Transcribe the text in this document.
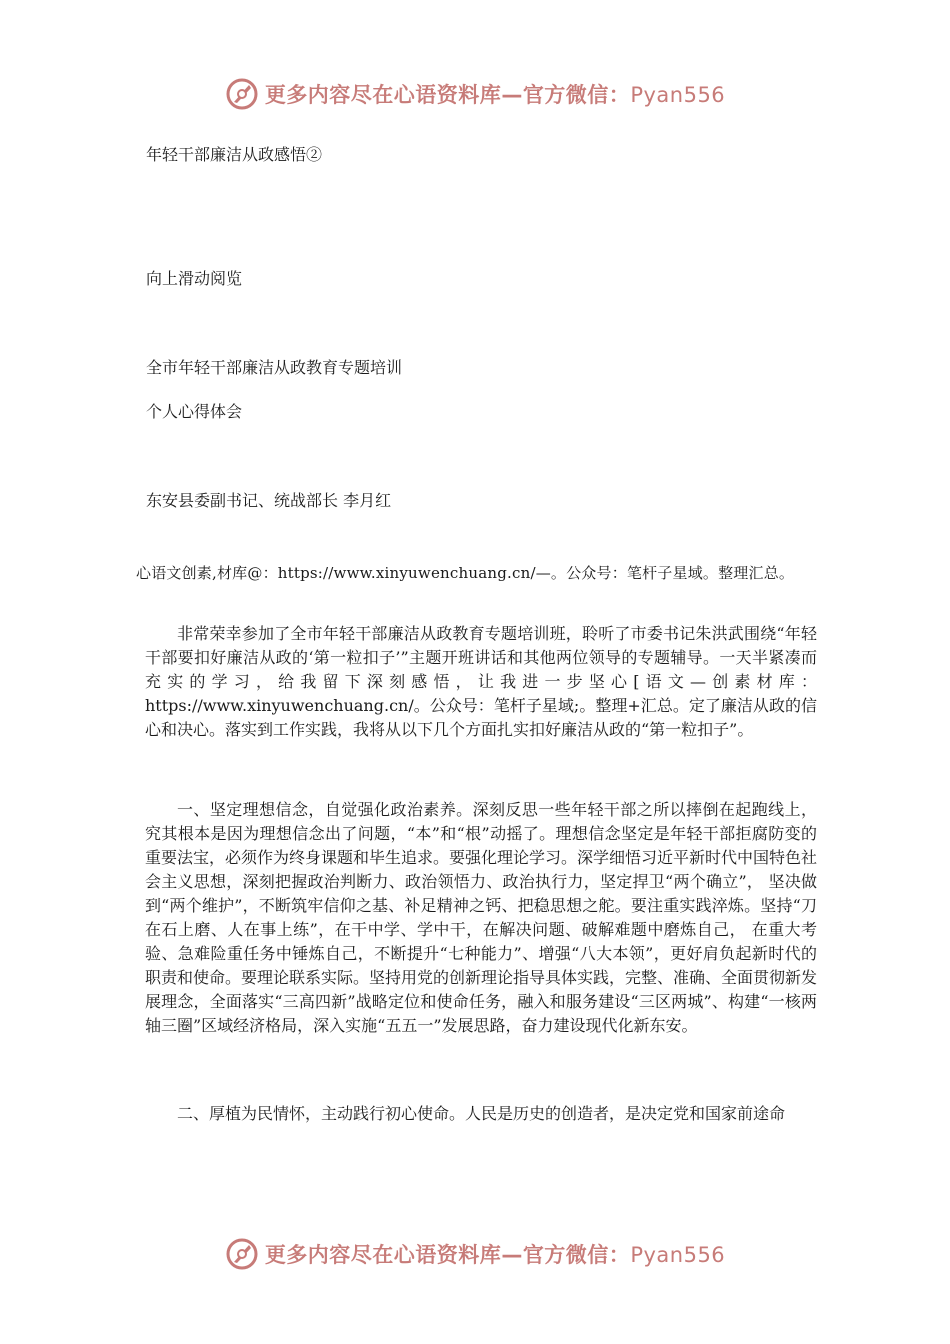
更多内容尽在心语资料库—官方微信：Pyan556
年轻干部廉洁从政感悟②
向上滑动阅览
全市年轻干部廉洁从政教育专题培训
个人心得体会
东安县委副书记、统战部长 李月红
心语文创素,材库@：https://www.xinyuwenchuang.cn/—。公众号：笔杆子星域。整理汇总。

非常荣幸参加了全市年轻干部廉洁从政教育专题培训班，聆听了市委书记朱洪武围绕“年轻干部要扣好廉洁从政的‘第一粒扣子’”主题开班讲话和其他两位领导的专题辅导。一天半紧凑而充实的学习，给我留下深刻感悟，让我进一步坚心[语文—创素材库：https://www.xinyuwenchuang.cn/。公众号：笔杆子星域;。整理+汇总。定了廉洁从政的信心和决心。落实到工作实践，我将从以下几个方面扎实扣好廉洁从政的“第一粒扣子”。

一、坚定理想信念，自觉强化政治素养。深刻反思一些年轻干部之所以摔倒在起跑线上， 究其根本是因为理想信念出了问题，“本”和“根”动摇了。理想信念坚定是年轻干部拒腐防变的重要法宝，必须作为终身课题和毕生追求。要强化理论学习。深学细悟习近平新时代中国特色社会主义思想，深刻把握政治判断力、政治领悟力、政治执行力，坚定捍卫“两个确立”， 坚决做到“两个维护”，不断筑牢信仰之基、补足精神之钙、把稳思想之舵。要注重实践淬炼。坚持“刀在石上磨、人在事上练”，在干中学、学中干，在解决问题、破解难题中磨炼自己， 在重大考验、急难险重任务中锤炼自己，不断提升“七种能力”、增强“八大本领”，更好肩负起新时代的职责和使命。要理论联系实际。坚持用党的创新理论指导具体实践，完整、准确、全面贯彻新发展理念，全面落实“三高四新”战略定位和使命任务，融入和服务建设“三区两城”、构建“一核两轴三圈”区域经济格局，深入实施“五五一”发展思路，奋力建设现代化新东安。

二、厚植为民情怀，主动践行初心使命。人民是历史的创造者，是决定党和国家前途命

更多内容尽在心语资料库—官方微信：Pyan556
